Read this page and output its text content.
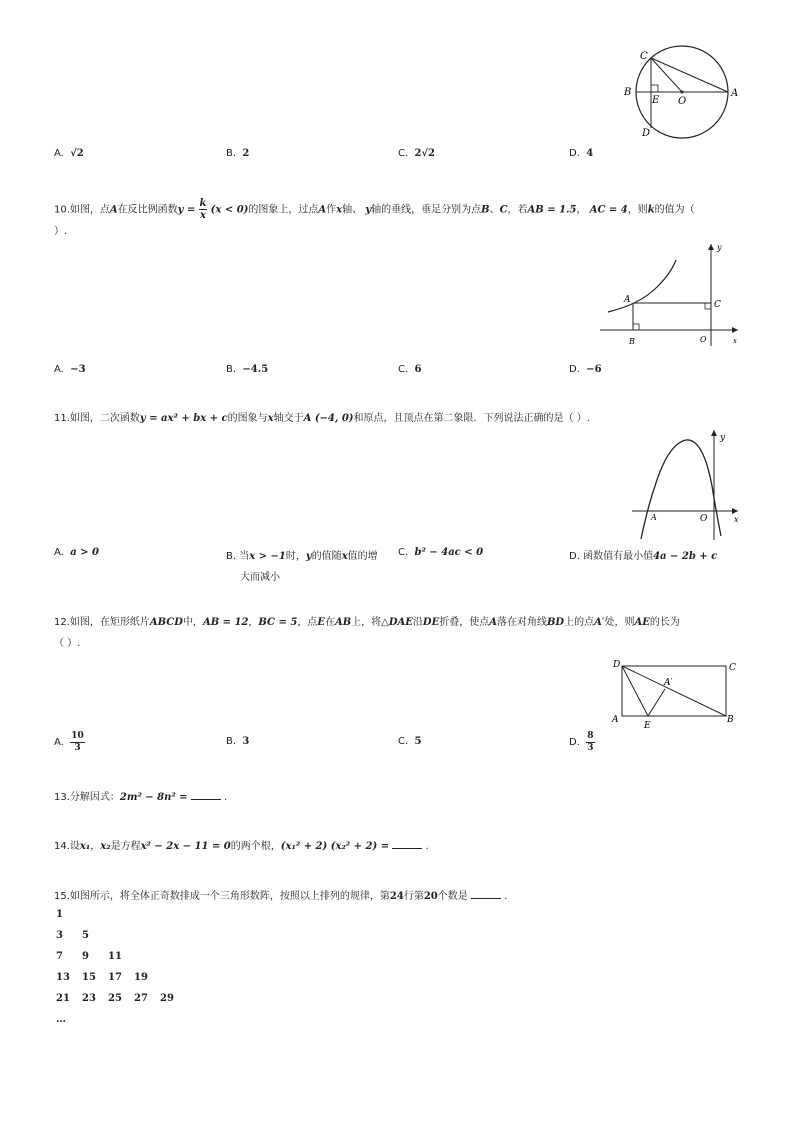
C
B
E O
A
D
A. √2	B. 2	C. 2√2	D. 4
10.如图，点A在反比例函数$y = \frac{k}{x} (x < 0)$的图象上，过点A作x轴、 y轴的垂线，垂足分别为点B、C，若AB = 1.5， AC = 4，则k的值为（
）.
y
A	C
B	O	x
A. −3	B. −4.5	C. 6	D. −6
11.如图，二次函数y = ax² + bx + c的图象与x轴交于A (−4, 0)和原点，且顶点在第二象限．下列说法正确的是（ ）.
y
A	O	x
A. a > 0	B. 当x > −1时，y的值随x值的增
大而减小
C. b² − 4ac < 0	D. 函数值有最小值4a − 2b + c
12.如图，在矩形纸片ABCD中，AB = 12，BC = 5，点E在AB上，将△DAE沿DE折叠，使点A落在对角线BD上的点A′处，则AE的长为
（ ）.
D	C
A′
A
E
B
A. $\frac{10}{3}$	B. 3	C. 5	D. $\frac{8}{3}$
13.分解因式：2m² − 8n² =	.
14.设x₁，x₂是方程x² − 2x − 11 = 0的两个根，(x₁² + 2) (x₂² + 2) =	.
15.如图所示，将全体正奇数排成一个三角形数阵，按照以上排列的规律，第24行第20个数是	.
1
3 5
7 9 11
13 15 17 19
21 23 25 27 29
…
